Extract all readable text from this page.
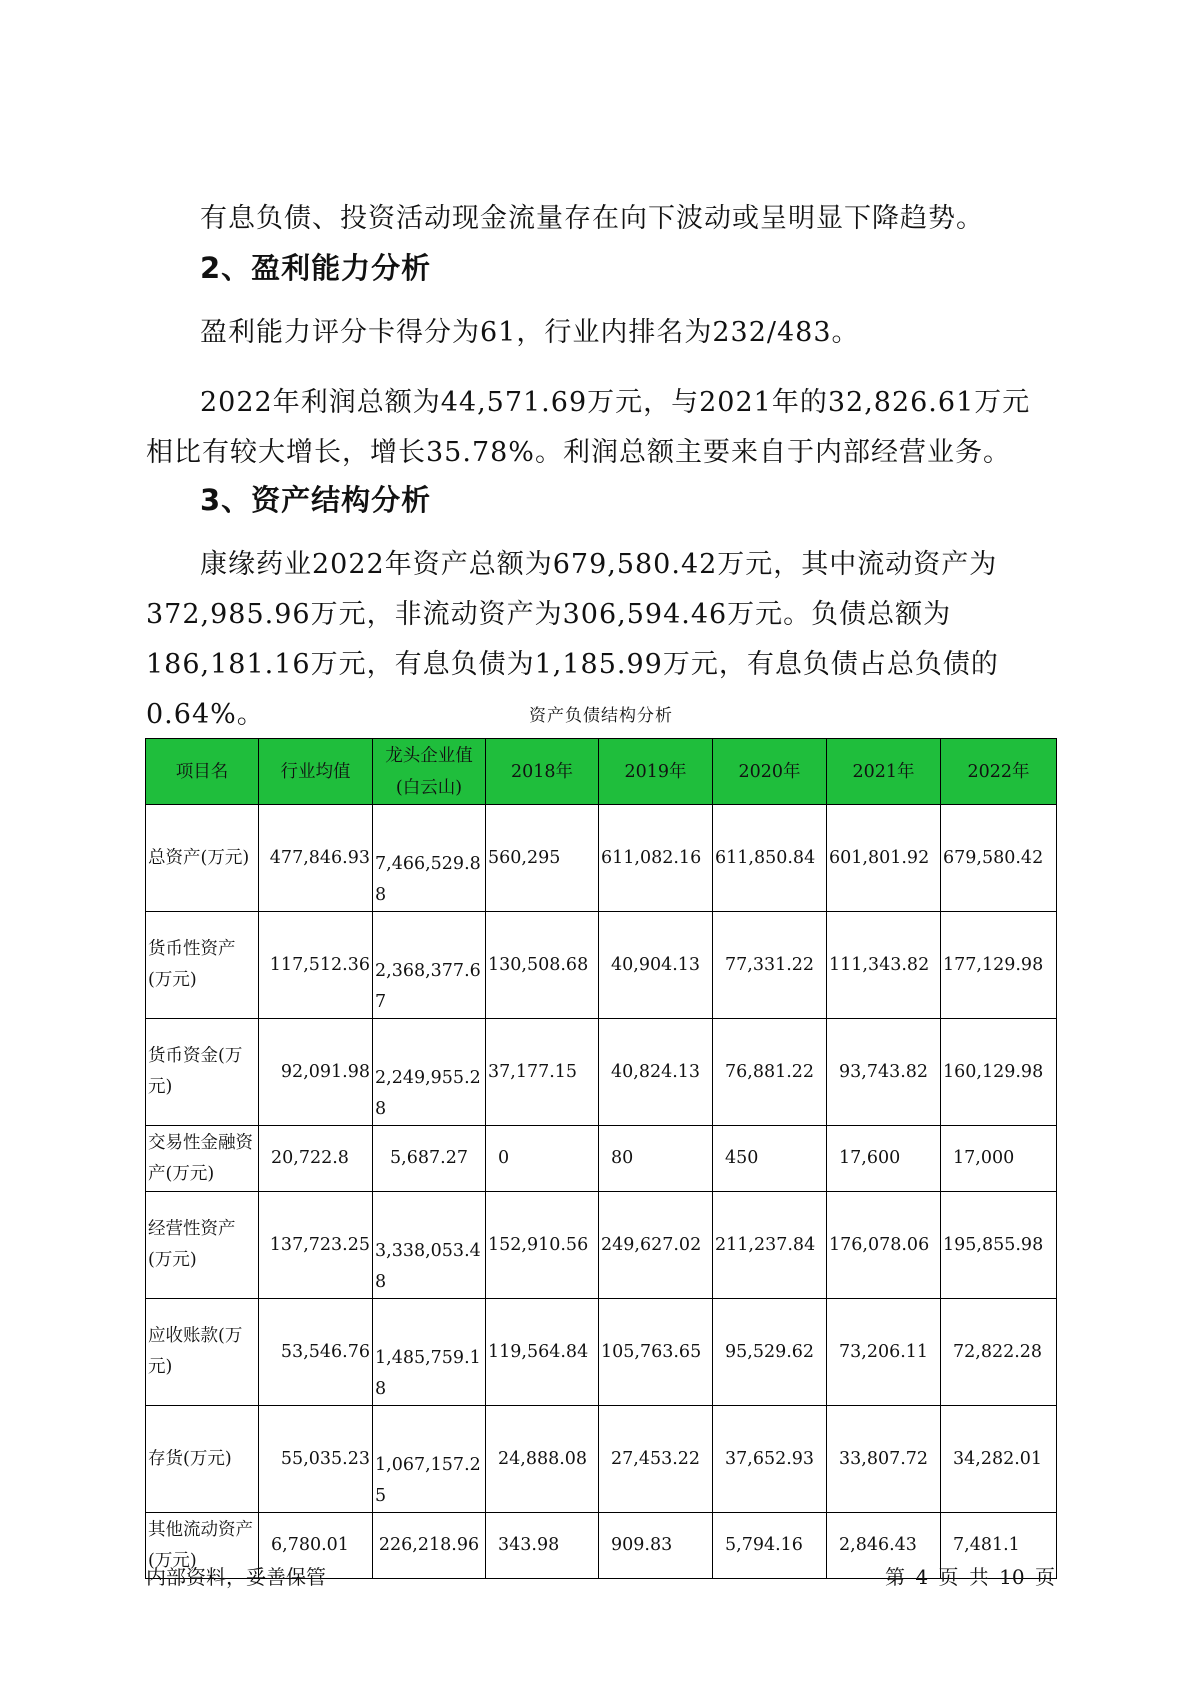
有息负债、投资活动现金流量存在向下波动或呈明显下降趋势。

2、盈利能力分析

盈利能力评分卡得分为61，行业内排名为232/483。

2022年利润总额为44,571.69万元，与2021年的32,826.61万元相比有较大增长，增长35.78%。利润总额主要来自于内部经营业务。

3、资产结构分析

康缘药业2022年资产总额为679,580.42万元，其中流动资产为372,985.96万元，非流动资产为306,594.46万元。负债总额为186,181.16万元，有息负债为1,185.99万元，有息负债占总负债的0.64%。	资产负债结构分析
项目名	行业均值	龙头企业值(白云山)	2018年	2019年	2020年	2021年	2022年
总资产(万元)	477,846.93	7,466,529.88	560,295	611,082.16	611,850.84	601,801.92	679,580.42
货币性资产(万元)	117,512.36	2,368,377.67	130,508.68	40,904.13	77,331.22	111,343.82	177,129.98
货币资金(万元)	92,091.98	2,249,955.28	37,177.15	40,824.13	76,881.22	93,743.82	160,129.98
交易性金融资产(万元)	20,722.8	5,687.27	0	80	450	17,600	17,000
经营性资产(万元)	137,723.25	3,338,053.48	152,910.56	249,627.02	211,237.84	176,078.06	195,855.98
应收账款(万元)	53,546.76	1,485,759.18	119,564.84	105,763.65	95,529.62	73,206.11	72,822.28
存货(万元)	55,035.23	1,067,157.25	24,888.08	27,453.22	37,652.93	33,807.72	34,282.01
其他流动资产(万元)	6,780.01	226,218.96	343.98	909.83	5,794.16	2,846.43	7,481.1
内部资料，妥善保管	第 4 页 共 10 页
